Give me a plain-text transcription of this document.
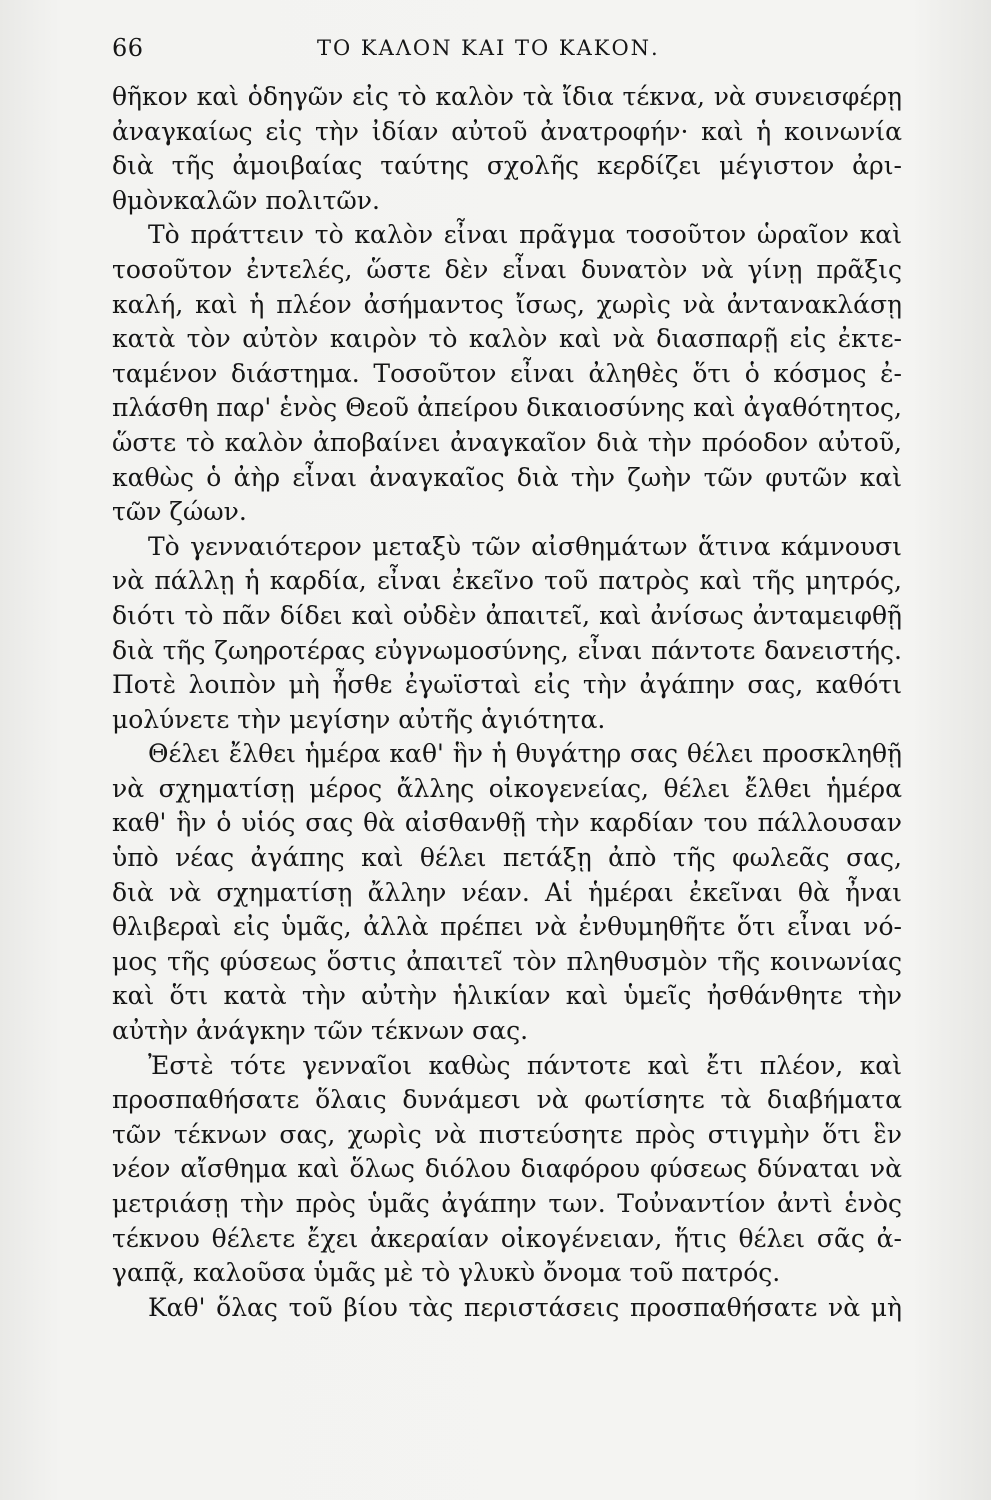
66	ΤΟ ΚΑΛΟΝ ΚΑΙ ΤΟ ΚΑΚΟΝ.
θῆκον καὶ ὁδηγῶν εἰς τὸ καλὸν τὰ ἴδια τέκνα, νὰ συνεισφέρῃ
ἀναγκαίως εἰς τὴν ἰδίαν αὐτοῦ ἀνατροφήν· καὶ ἡ κοινωνία
διὰ τῆς ἀμοιβαίας ταύτης σχολῆς κερδίζει μέγιστον ἀρι-
θμὸνκαλῶν πολιτῶν.
Τὸ πράττειν τὸ καλὸν εἶναι πρᾶγμα τοσοῦτον ὡραῖον καὶ
τοσοῦτον ἐντελές, ὥστε δὲν εἶναι δυνατὸν νὰ γίνῃ πρᾶξις
καλή, καὶ ἡ πλέον ἀσήμαντος ἴσως, χωρὶς νὰ ἀντανακλάσῃ
κατὰ τὸν αὐτὸν καιρὸν τὸ καλὸν καὶ νὰ διασπαρῇ εἰς ἐκτε-
ταμένον διάστημα. Τοσοῦτον εἶναι ἀληθὲς ὅτι ὁ κόσμος ἐ-
πλάσθη παρ' ἑνὸς Θεοῦ ἀπείρου δικαιοσύνης καὶ ἀγαθότητος,
ὥστε τὸ καλὸν ἀποβαίνει ἀναγκαῖον διὰ τὴν πρόοδον αὐτοῦ,
καθὼς ὁ ἀὴρ εἶναι ἀναγκαῖος διὰ τὴν ζωὴν τῶν φυτῶν καὶ
τῶν ζώων.
Τὸ γενναιότερον μεταξὺ τῶν αἰσθημάτων ἅτινα κάμνουσι
νὰ πάλλῃ ἡ καρδία, εἶναι ἐκεῖνο τοῦ πατρὸς καὶ τῆς μητρός,
διότι τὸ πᾶν δίδει καὶ οὐδὲν ἀπαιτεῖ, καὶ ἀνίσως ἀνταμειφθῇ
διὰ τῆς ζωηροτέρας εὐγνωμοσύνης, εἶναι πάντοτε δανειστής.
Ποτὲ λοιπὸν μὴ ἦσθε ἐγωϊσταὶ εἰς τὴν ἀγάπην σας, καθότι
μολύνετε τὴν μεγίσην αὐτῆς ἁγιότητα.
Θέλει ἔλθει ἡμέρα καθ' ἣν ἡ θυγάτηρ σας θέλει προσκληθῇ
νὰ σχηματίσῃ μέρος ἄλλης οἰκογενείας, θέλει ἔλθει ἡμέρα
καθ' ἣν ὁ υἱός σας θὰ αἰσθανθῇ τὴν καρδίαν του πάλλουσαν
ὑπὸ νέας ἀγάπης καὶ θέλει πετάξῃ ἀπὸ τῆς φωλεᾶς σας,
διὰ νὰ σχηματίσῃ ἄλλην νέαν. Αἱ ἡμέραι ἐκεῖναι θὰ ἦναι
θλιβεραὶ εἰς ὑμᾶς, ἀλλὰ πρέπει νὰ ἐνθυμηθῆτε ὅτι εἶναι νό-
μος τῆς φύσεως ὅστις ἀπαιτεῖ τὸν πληθυσμὸν τῆς κοινωνίας
καὶ ὅτι κατὰ τὴν αὐτὴν ἡλικίαν καὶ ὑμεῖς ἠσθάνθητε τὴν
αὐτὴν ἀνάγκην τῶν τέκνων σας.
Ἐστὲ τότε γενναῖοι καθὼς πάντοτε καὶ ἔτι πλέον, καὶ
προσπαθήσατε ὅλαις δυνάμεσι νὰ φωτίσητε τὰ διαβήματα
τῶν τέκνων σας, χωρὶς νὰ πιστεύσητε πρὸς στιγμὴν ὅτι ἓν
νέον αἴσθημα καὶ ὅλως διόλου διαφόρου φύσεως δύναται νὰ
μετριάσῃ τὴν πρὸς ὑμᾶς ἀγάπην των. Τοὐναντίον ἀντὶ ἑνὸς
τέκνου θέλετε ἔχει ἀκεραίαν οἰκογένειαν, ἥτις θέλει σᾶς ἀ-
γαπᾷ, καλοῦσα ὑμᾶς μὲ τὸ γλυκὺ ὄνομα τοῦ πατρός.
Καθ' ὅλας τοῦ βίου τὰς περιστάσεις προσπαθήσατε νὰ μὴ
